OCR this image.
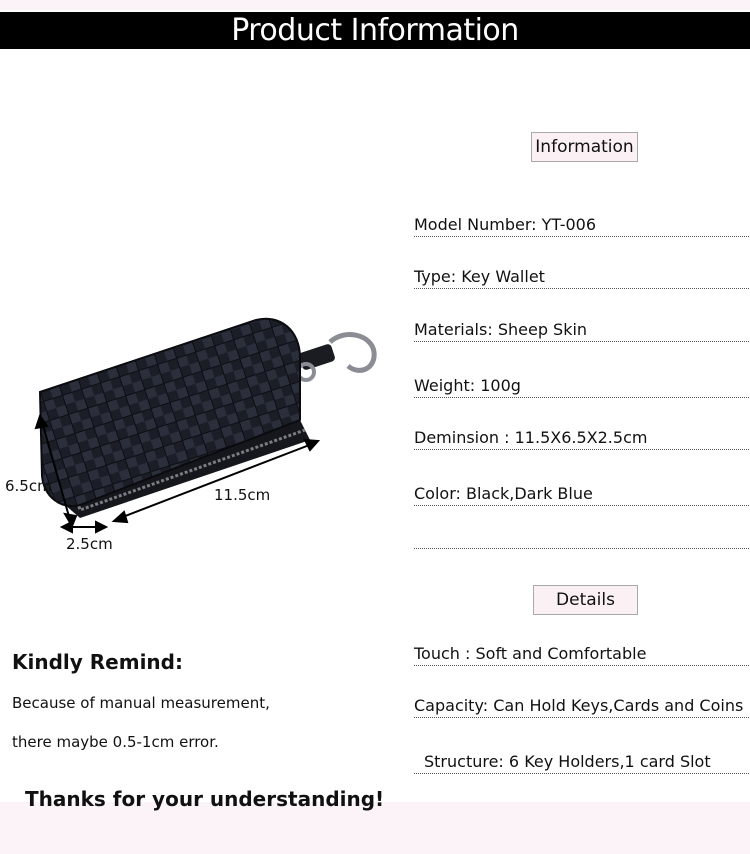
Product Information
6.5cm	11.5cm
2.5cm
Information
Model Number: YT-006
Type: Key Wallet
Materials: Sheep Skin
Weight: 100g
Deminsion : 11.5X6.5X2.5cm
Color: Black,Dark Blue
Details
Touch : Soft and Comfortable
Capacity: Can Hold Keys,Cards and Coins
Structure: 6 Key Holders,1 card Slot
Kindly Remind:
Because of manual measurement,
there maybe 0.5-1cm error.
Thanks for your understanding!
